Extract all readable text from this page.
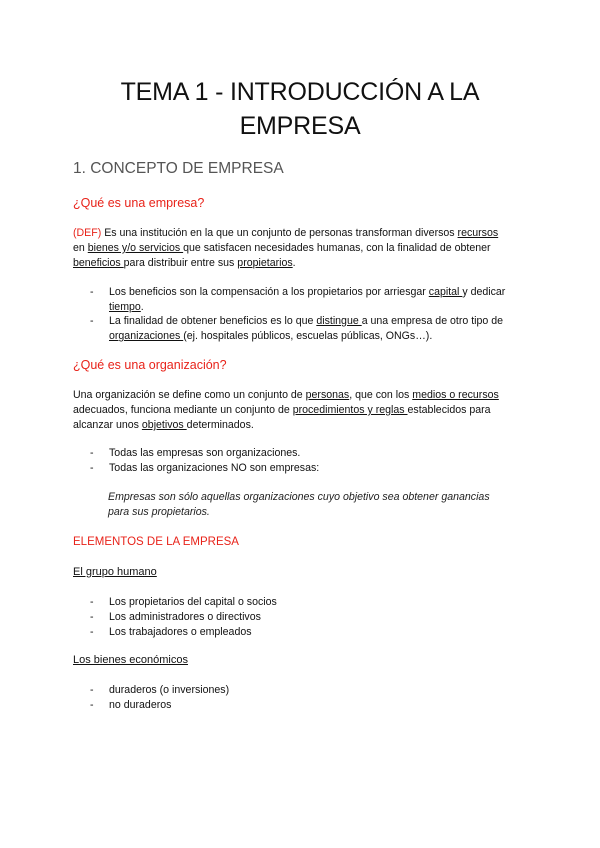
TEMA 1 - INTRODUCCIÓN A LA
EMPRESA
1. CONCEPTO DE EMPRESA
¿Qué es una empresa?
(DEF) Es una institución en la que un conjunto de personas transforman diversos recursos
en bienes y/o servicios que satisfacen necesidades humanas, con la finalidad de obtener
beneficios para distribuir entre sus propietarios.
- Los beneficios son la compensación a los propietarios por arriesgar capital y dedicar
tiempo.
- La finalidad de obtener beneficios es lo que distingue a una empresa de otro tipo de
organizaciones (ej. hospitales públicos, escuelas públicas, ONGs…).
¿Qué es una organización?
Una organización se define como un conjunto de personas, que con los medios o recursos
adecuados, funciona mediante un conjunto de procedimientos y reglas establecidos para
alcanzar unos objetivos determinados.
- Todas las empresas son organizaciones.
- Todas las organizaciones NO son empresas:
Empresas son sólo aquellas organizaciones cuyo objetivo sea obtener ganancias
para sus propietarios.
ELEMENTOS DE LA EMPRESA
El grupo humano
- Los propietarios del capital o socios
- Los administradores o directivos
- Los trabajadores o empleados
Los bienes económicos
- duraderos (o inversiones)
- no duraderos
